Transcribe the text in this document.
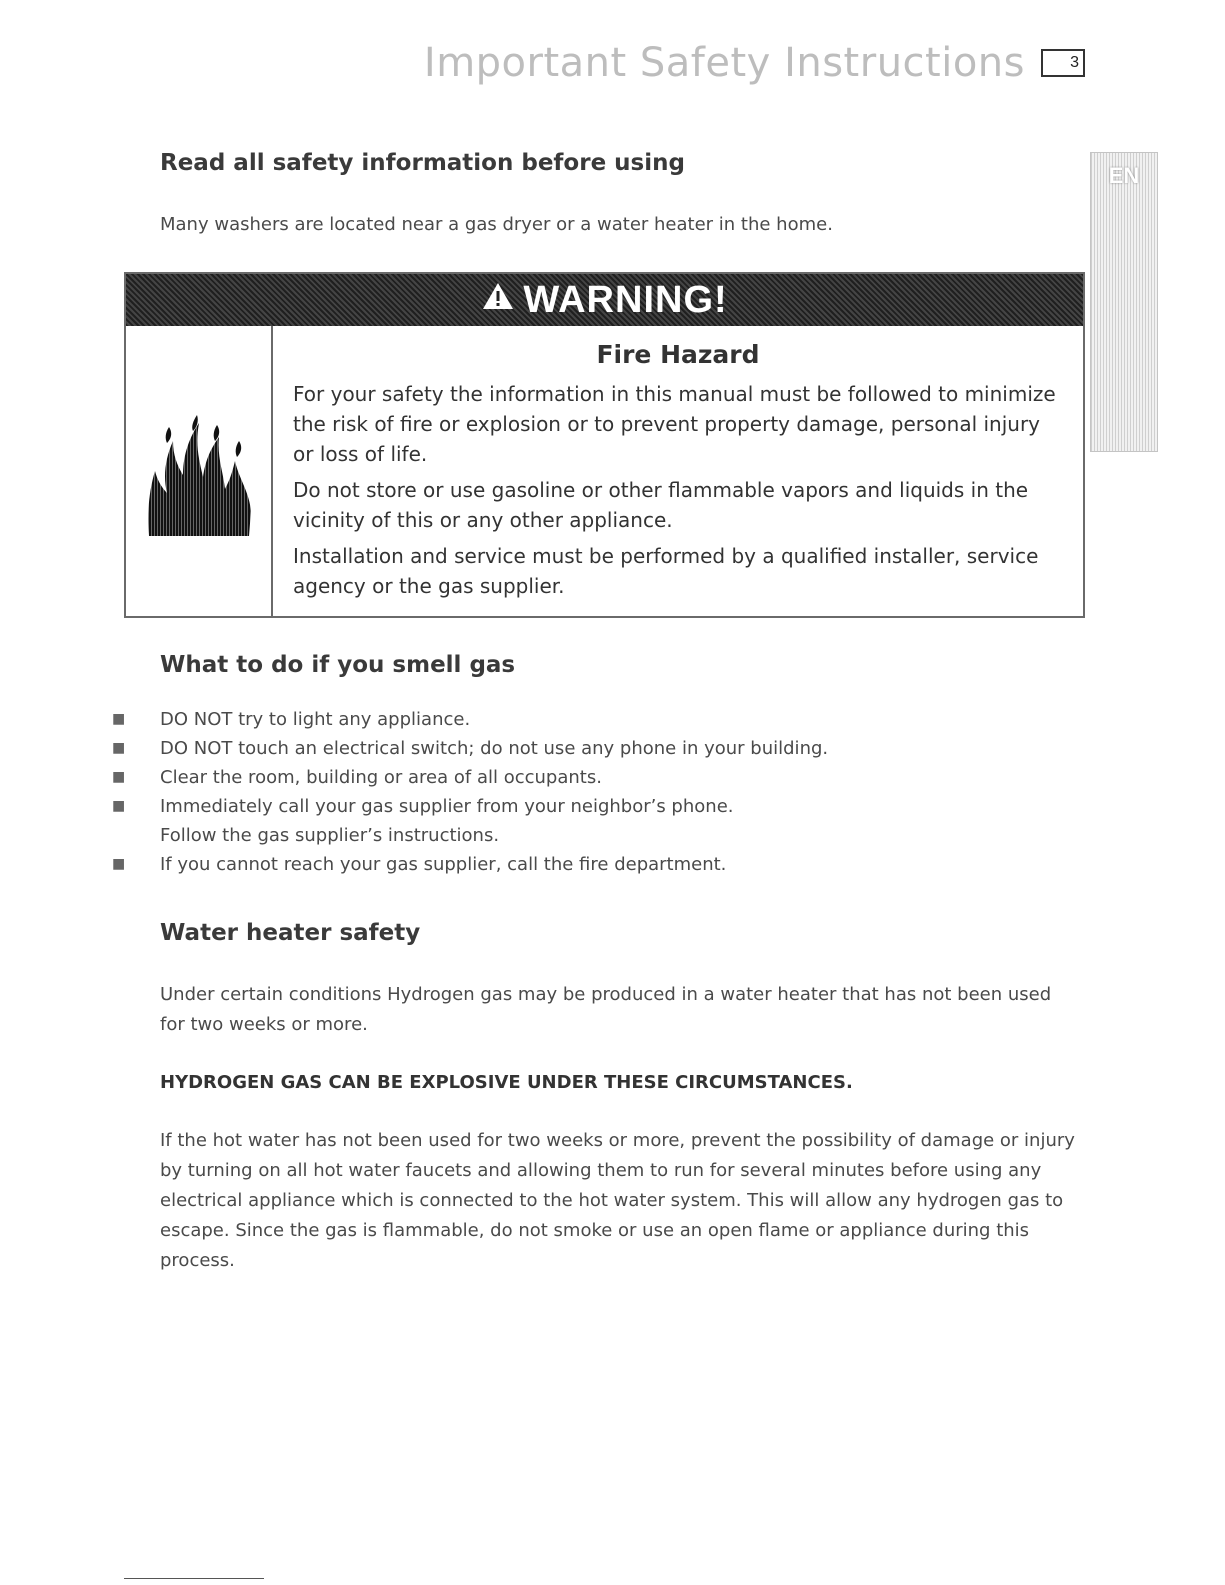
Important Safety Instructions	3
EN
Read all safety information before using

Many washers are located near a gas dryer or a water heater in the home.

WARNING!
Fire Hazard

For your safety the information in this manual must be followed to minimize the risk of fire or explosion or to prevent property damage, personal injury or loss of life.

Do not store or use gasoline or other flammable vapors and liquids in the vicinity of this or any other appliance.

Installation and service must be performed by a qualified installer, service agency or the gas supplier.

What to do if you smell gas
■ DO NOT try to light any appliance.
■ DO NOT touch an electrical switch; do not use any phone in your building.
■ Clear the room, building or area of all occupants.
■ Immediately call your gas supplier from your neighbor’s phone.
Follow the gas supplier’s instructions.
■ If you cannot reach your gas supplier, call the fire department.
Water heater safety

Under certain conditions Hydrogen gas may be produced in a water heater that has not been used for two weeks or more.

HYDROGEN GAS CAN BE EXPLOSIVE UNDER THESE CIRCUMSTANCES.

If the hot water has not been used for two weeks or more, prevent the possibility of damage or injury by turning on all hot water faucets and allowing them to run for several minutes before using any electrical appliance which is connected to the hot water system. This will allow any hydrogen gas to escape. Since the gas is flammable, do not smoke or use an open flame or appliance during this process.
